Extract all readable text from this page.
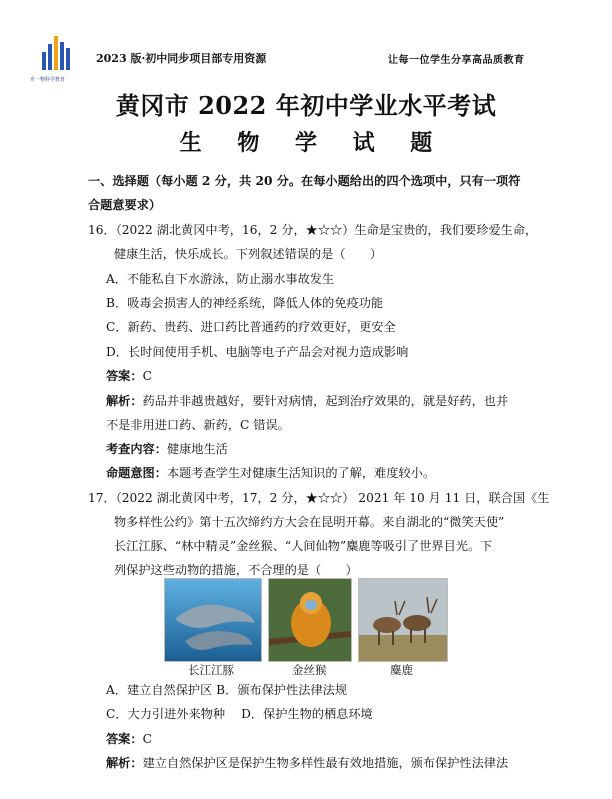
舟一物科学教育
2023 版·初中同步项目部专用资源	让每一位学生分享高品质教育
黄冈市 2022 年初中学业水平考试
生 物 学 试 题
一、选择题（每小题 2 分，共 20 分。在每小题给出的四个选项中，只有一项符
合题意要求）
16．（2022 湖北黄冈中考，16，2 分，★☆☆）生命是宝贵的，我们要珍爱生命，
健康生活，快乐成长。下列叙述错误的是（　　）
A．不能私自下水游泳，防止溺水事故发生
B．吸毒会损害人的神经系统，降低人体的免疫功能
C．新药、贵药、进口药比普通药的疗效更好，更安全
D．长时间使用手机、电脑等电子产品会对视力造成影响
答案：C
解析：药品并非越贵越好，要针对病情，起到治疗效果的，就是好药，也并
不是非用进口药、新药，C 错误。
考查内容：健康地生活
命题意图：本题考查学生对健康生活知识的了解，难度较小。
17．（2022 湖北黄冈中考，17，2 分，★☆☆） 2021 年 10 月 11 日，联合国《生
物多样性公约》第十五次缔约方大会在昆明开幕。来自湖北的“微笑天使”
长江江豚、“林中精灵”金丝猴、“人间仙物”麋鹿等吸引了世界目光。下
列保护这些动物的措施，不合理的是（　　）
长江江豚	金丝猴	麋鹿
A．建立自然保护区 B．颁布保护性法律法规
C．大力引进外来物种　 D．保护生物的栖息环境
答案：C
解析：建立自然保护区是保护生物多样性最有效地措施，颁布保护性法律法
